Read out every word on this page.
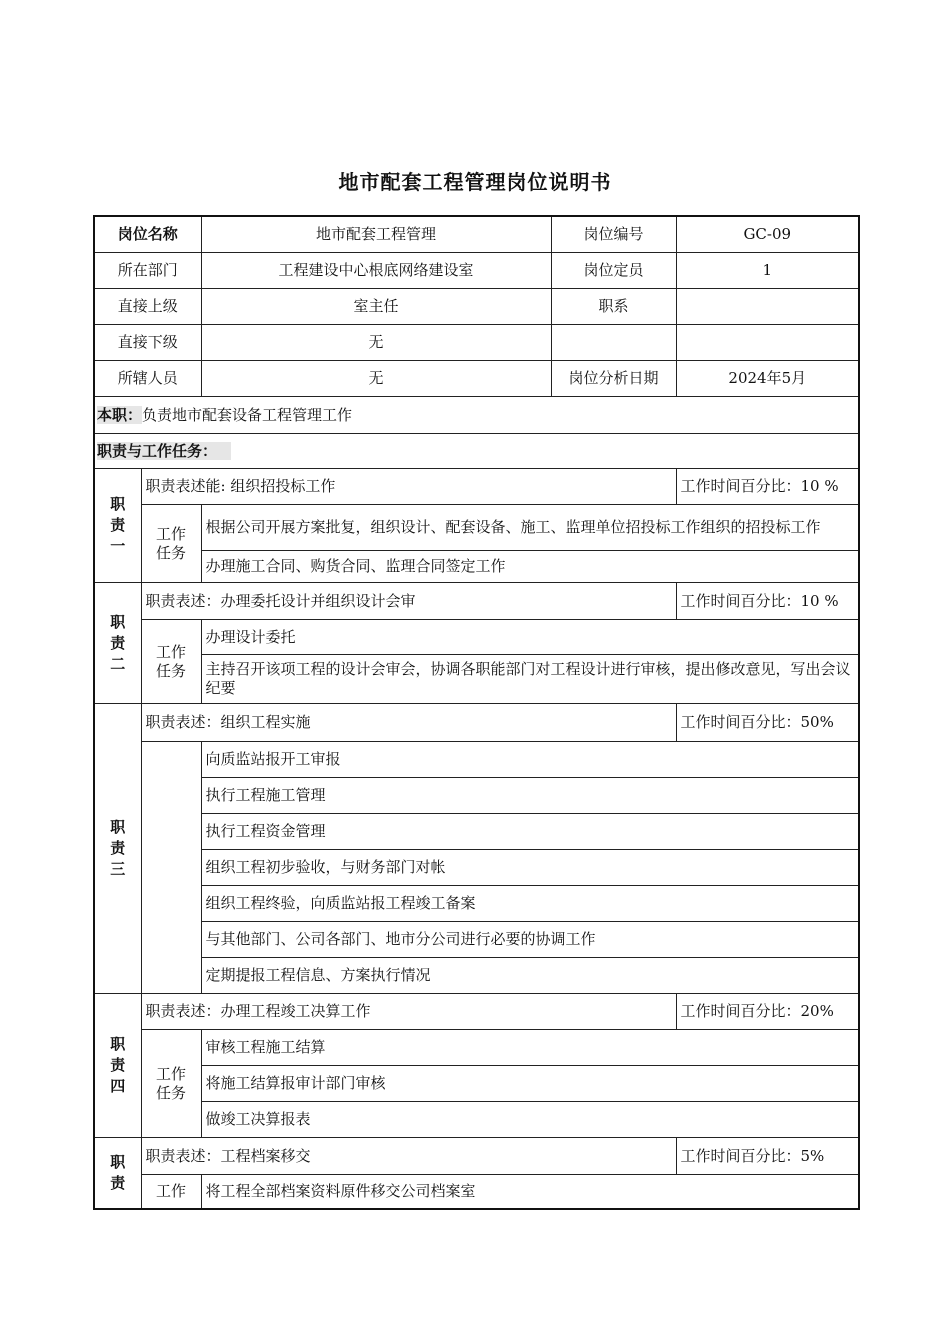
地市配套工程管理岗位说明书
岗位名称		地市配套工程管理	岗位编号	GC-09
所在部门		工程建设中心根底网络建设室	岗位定员	1
直接上级		室主任	职系	
直接下级		无		
所辖人员		无	岗位分析日期	2024年5月
本职：负责地市配套设备工程管理工作				
职责与工作任务：				
职责一	职责表述能: 组织招投标工作			工作时间百分比：10 %
	工作任务	根据公司开展方案批复，组织设计、配套设备、施工、监理单位招投标工作组织的招投标工作		
		办理施工合同、购货合同、监理合同签定工作		
职责二	职责表述：办理委托设计并组织设计会审			工作时间百分比：10 %
	工作任务	办理设计委托		
		主持召开该项工程的设计会审会，协调各职能部门对工程设计进行审核，提出修改意见，写出会议纪要		
职责三	职责表述：组织工程实施			工作时间百分比：50%
		向质监站报开工审报		
		执行工程施工管理		
		执行工程资金管理		
		组织工程初步验收，与财务部门对帐		
		组织工程终验，向质监站报工程竣工备案		
		与其他部门、公司各部门、地市分公司进行必要的协调工作		
		定期提报工程信息、方案执行情况		
职责四	职责表述：办理工程竣工决算工作			工作时间百分比：20%
	工作任务	审核工程施工结算		
		将施工结算报审计部门审核		
		做竣工决算报表		
职责	职责表述：工程档案移交			工作时间百分比：5%
	工作	将工程全部档案资料原件移交公司档案室		
